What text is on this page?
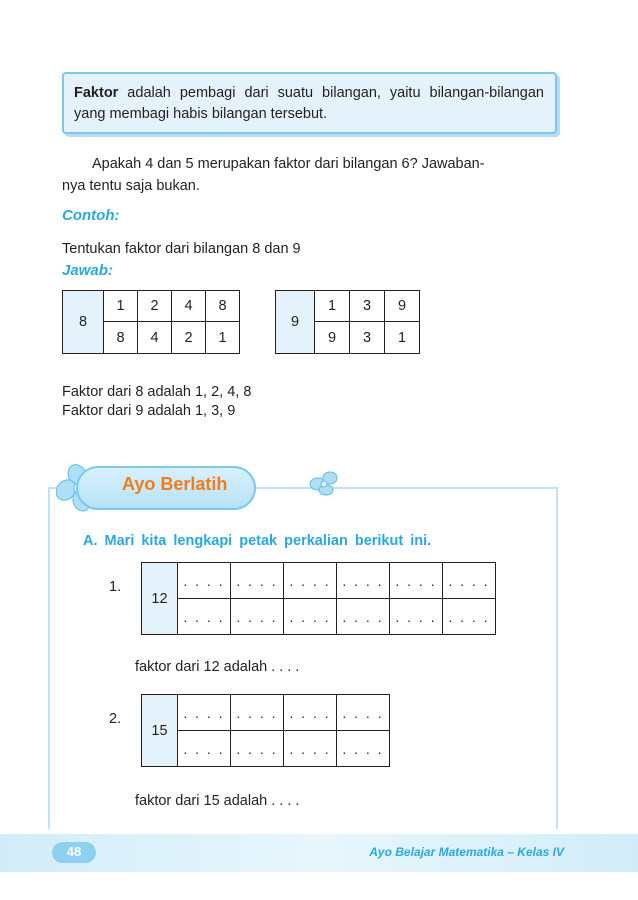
Faktor adalah pembagi dari suatu bilangan, yaitu bilangan-bilangan yang membagi habis bilangan tersebut.
Apakah 4 dan 5 merupakan faktor dari bilangan 6? Jawaban-
nya tentu saja bukan.
Contoh:
Tentukan faktor dari bilangan 8 dan 9
Jawab:
8	1	2	4	8
	8	4	2	1
9	1	3	9
	9	3	1
Faktor dari 8 adalah 1, 2, 4, 8
Faktor dari 9 adalah 1, 3, 9
Ayo Berlatih
A. Mari kita lengkapi petak perkalian berikut ini.
1.
12	. . . .	. . . .	. . . .	. . . .	. . . .	. . . .
	. . . .	. . . .	. . . .	. . . .	. . . .	. . . .
faktor dari 12 adalah . . . .
2.
15	. . . .	. . . .	. . . .	. . . .
	. . . .	. . . .	. . . .	. . . .
faktor dari 15 adalah . . . .
48	Ayo Belajar Matematika – Kelas IV
